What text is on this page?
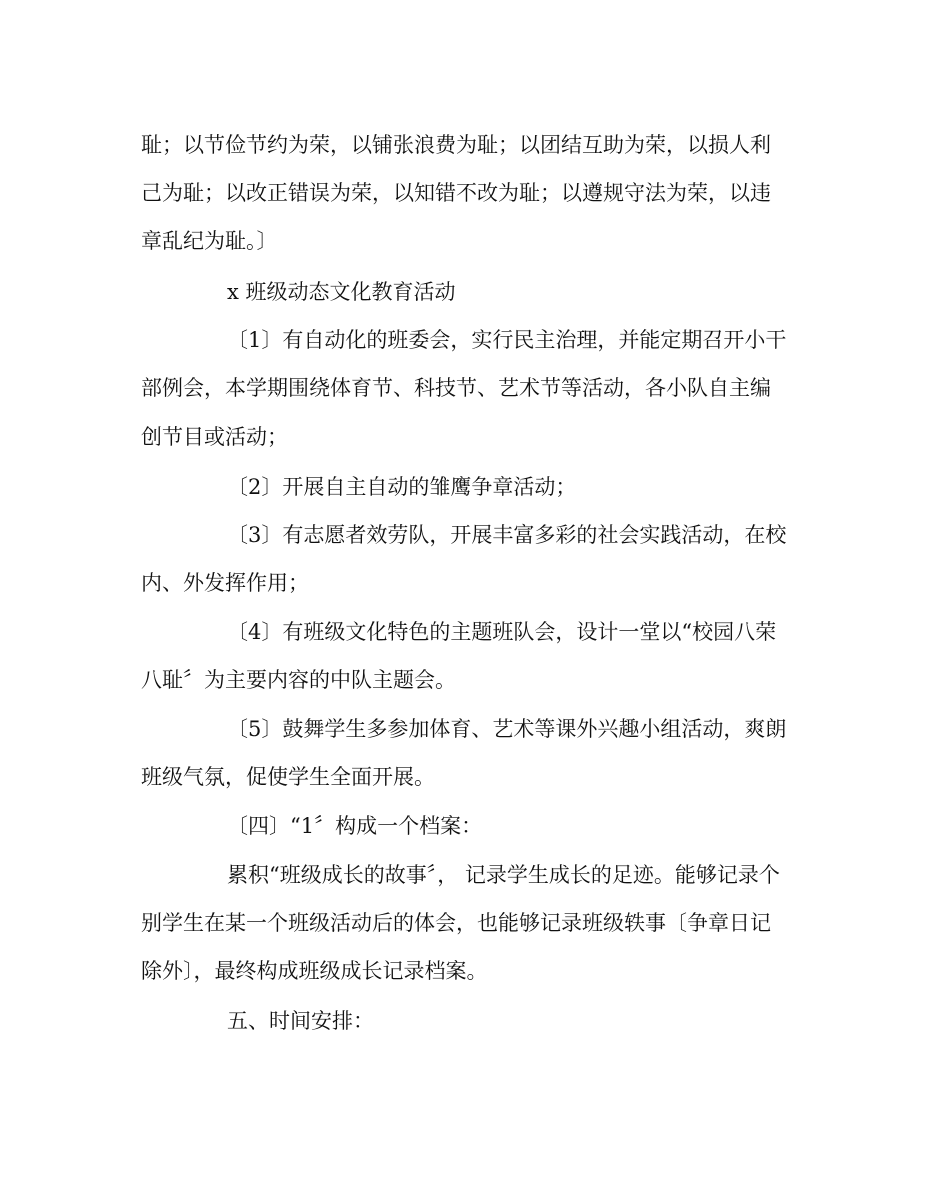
耻；以节俭节约为荣，以铺张浪费为耻；以团结互助为荣，以损人利
己为耻；以改正错误为荣，以知错不改为耻；以遵规守法为荣，以违
章乱纪为耻。〕
x 班级动态文化教育活动
〔1〕有自动化的班委会，实行民主治理，并能定期召开小干
部例会，本学期围绕体育节、科技节、艺术节等活动，各小队自主编
创节目或活动；
〔2〕开展自主自动的雏鹰争章活动；
〔3〕有志愿者效劳队，开展丰富多彩的社会实践活动，在校
内、外发挥作用；
〔4〕有班级文化特色的主题班队会，设计一堂以“校园八荣
八耻〞为主要内容的中队主题会。
〔5〕鼓舞学生多参加体育、艺术等课外兴趣小组活动，爽朗
班级气氛，促使学生全面开展。
〔四〕“1〞构成一个档案：
累积“班级成长的故事〞， 记录学生成长的足迹。能够记录个
别学生在某一个班级活动后的体会，也能够记录班级轶事〔争章日记
除外〕，最终构成班级成长记录档案。
五、时间安排：
